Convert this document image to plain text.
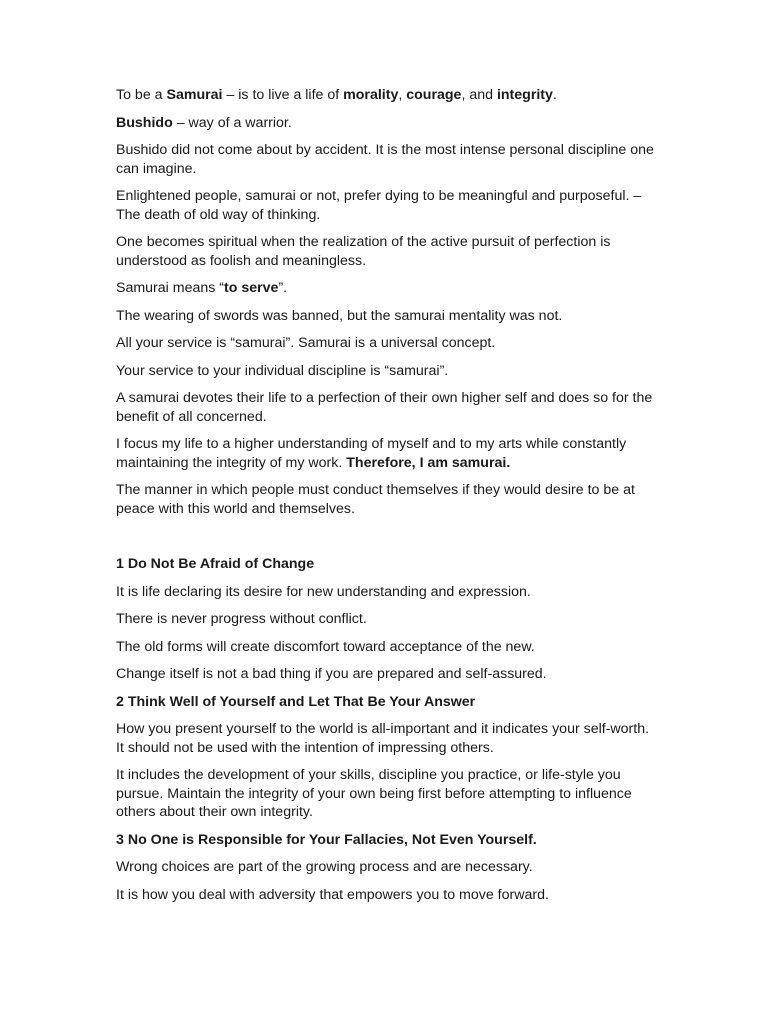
To be a Samurai – is to live a life of morality, courage, and integrity.

Bushido – way of a warrior.

Bushido did not come about by accident. It is the most intense personal discipline one can imagine.

Enlightened people, samurai or not, prefer dying to be meaningful and purposeful. – The death of old way of thinking.

One becomes spiritual when the realization of the active pursuit of perfection is understood as foolish and meaningless.

Samurai means “to serve”.

The wearing of swords was banned, but the samurai mentality was not.

All your service is “samurai”. Samurai is a universal concept.

Your service to your individual discipline is “samurai”.

A samurai devotes their life to a perfection of their own higher self and does so for the benefit of all concerned.

I focus my life to a higher understanding of myself and to my arts while constantly maintaining the integrity of my work. Therefore, I am samurai.

The manner in which people must conduct themselves if they would desire to be at peace with this world and themselves.

1 Do Not Be Afraid of Change

It is life declaring its desire for new understanding and expression.

There is never progress without conflict.

The old forms will create discomfort toward acceptance of the new.

Change itself is not a bad thing if you are prepared and self-assured.

2 Think Well of Yourself and Let That Be Your Answer

How you present yourself to the world is all-important and it indicates your self-worth. It should not be used with the intention of impressing others.

It includes the development of your skills, discipline you practice, or life-style you pursue. Maintain the integrity of your own being first before attempting to influence others about their own integrity.

3 No One is Responsible for Your Fallacies, Not Even Yourself.

Wrong choices are part of the growing process and are necessary.

It is how you deal with adversity that empowers you to move forward.
